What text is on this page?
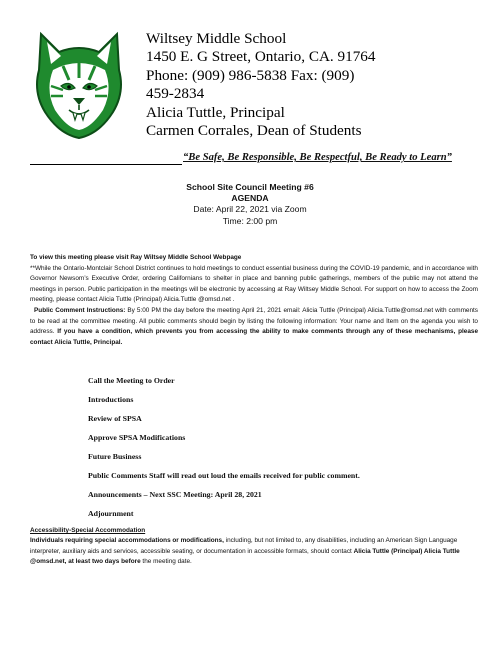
Wiltsey Middle School
1450 E. G Street, Ontario, CA. 91764
Phone: (909) 986-5838 Fax: (909)
459-2834
Alicia Tuttle, Principal
Carmen Corrales, Dean of Students
“Be Safe, Be Responsible, Be Respectful, Be Ready to Learn”
School Site Council Meeting #6
AGENDA
Date: April 22, 2021 via Zoom
Time: 2:00 pm

To view this meeting please visit Ray Wiltsey Middle School Webpage

**While the Ontario-Montclair School District continues to hold meetings to conduct essential business during the COVID-19 pandemic, and in accordance with Governor Newsom’s Executive Order, ordering Californians to shelter in place and banning public gatherings, members of the public may not attend the meetings in person. Public participation in the meetings will be electronic by accessing at Ray Wiltsey Middle School. For support on how to access the Zoom meeting, please contact Alicia Tuttle (Principal) Alicia.Tuttle @omsd.net .

Public Comment Instructions: By 5:00 PM the day before the meeting April 21, 2021 email: Alicia Tuttle (Principal) Alicia.Tuttle@omsd.net with comments to be read at the committee meeting. All public comments should begin by listing the following information: Your name and Item on the agenda you wish to address. If you have a condition, which prevents you from accessing the ability to make comments through any of these mechanisms, please contact Alicia Tuttle, Principal.

Call the Meeting to Order
Introductions
Review of SPSA
Approve SPSA Modifications
Future Business
Public Comments Staff will read out loud the emails received for public comment.
Announcements – Next SSC Meeting: April 28, 2021
Adjournment

Accessibility-Special Accommodation

Individuals requiring special accommodations or modifications, including, but not limited to, any disabilities, including an American Sign Language interpreter, auxiliary aids and services, accessible seating, or documentation in accessible formats, should contact Alicia Tuttle (Principal) Alicia Tuttle @omsd.net, at least two days before the meeting date.
